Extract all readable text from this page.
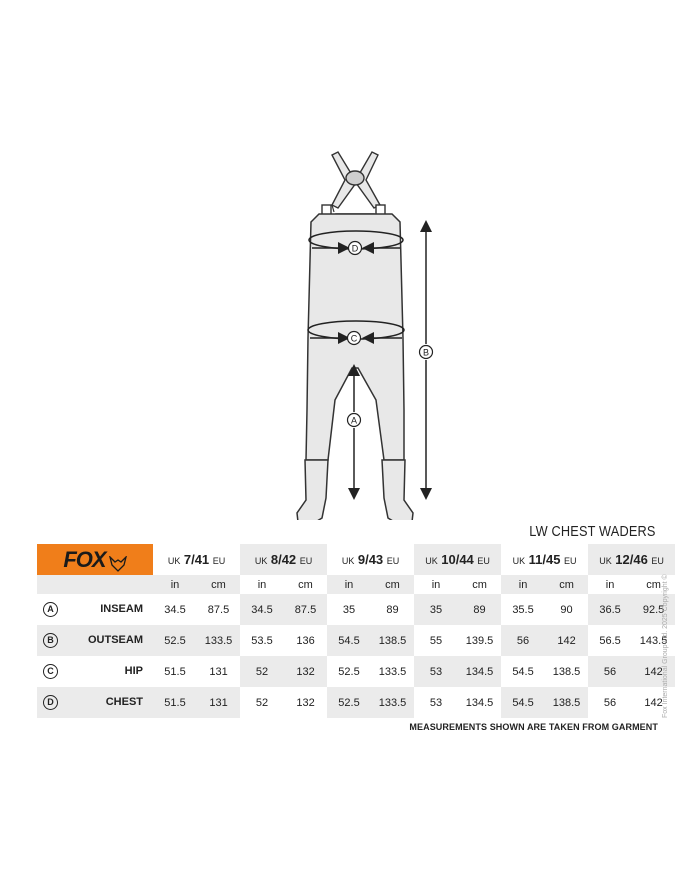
D
C
A
B
LW CHEST WADERS
FOX		UK 7/41 EU		UK 8/42 EU		UK 9/43 EU		UK 10/44 EU		UK 11/45 EU		UK 12/46 EU	
		in	cm	in	cm	in	cm	in	cm	in	cm	in	cm
A INSEAM		34.5	87.5	34.5	87.5	35	89	35	89	35.5	90	36.5	92.5
B OUTSEAM		52.5	133.5	53.5	136	54.5	138.5	55	139.5	56	142	56.5	143.5
C HIP		51.5	131	52	132	52.5	133.5	53	134.5	54.5	138.5	56	142
D CHEST		51.5	131	52	132	52.5	133.5	53	134.5	54.5	138.5	56	142
MEASUREMENTS SHOWN ARE TAKEN FROM GARMENT
Fox International Group Ltd. 2025 Copyright ©
